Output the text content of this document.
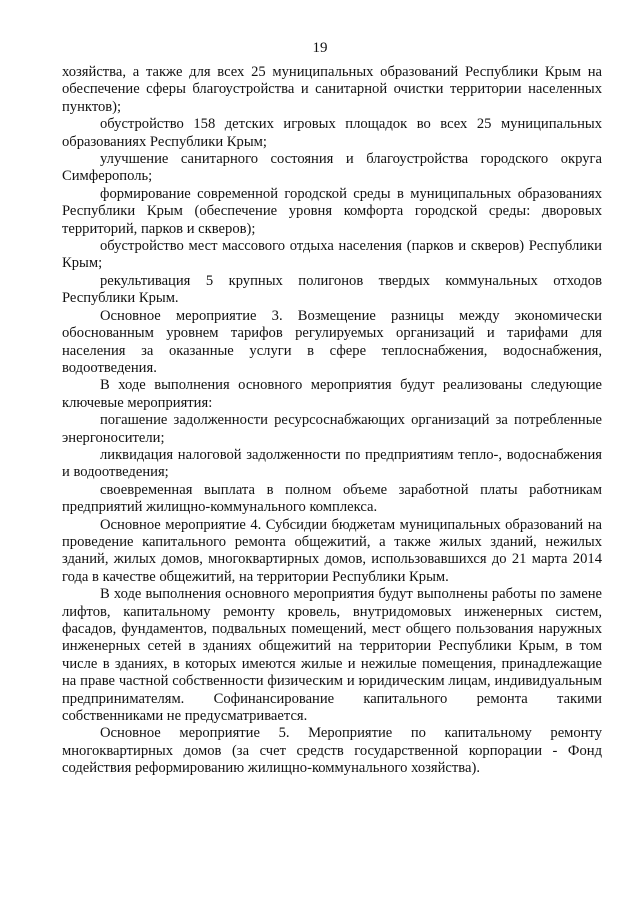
19

хозяйства, а также для всех 25 муниципальных образований Республики Крым на обеспечение сферы благоустройства и санитарной очистки территории населенных пунктов);

обустройство 158 детских игровых площадок во всех 25 муниципальных образованиях Республики Крым;

улучшение санитарного состояния и благоустройства городского округа Симферополь;

формирование современной городской среды в муниципальных образованиях Республики Крым (обеспечение уровня комфорта городской среды: дворовых территорий, парков и скверов);

обустройство мест массового отдыха населения (парков и скверов) Республики Крым;

рекультивация 5 крупных полигонов твердых коммунальных отходов Республики Крым.

Основное мероприятие 3. Возмещение разницы между экономически обоснованным уровнем тарифов регулируемых организаций и тарифами для населения за оказанные услуги в сфере теплоснабжения, водоснабжения, водоотведения.

В ходе выполнения основного мероприятия будут реализованы следующие ключевые мероприятия:

погашение задолженности ресурсоснабжающих организаций за потребленные энергоносители;

ликвидация налоговой задолженности по предприятиям тепло-, водоснабжения и водоотведения;

своевременная выплата в полном объеме заработной платы работникам предприятий жилищно-коммунального комплекса.

Основное мероприятие 4. Субсидии бюджетам муниципальных образований на проведение капитального ремонта общежитий, а также жилых зданий, нежилых зданий, жилых домов, многоквартирных домов, использовавшихся до 21 марта 2014 года в качестве общежитий, на территории Республики Крым.

В ходе выполнения основного мероприятия будут выполнены работы по замене лифтов, капитальному ремонту кровель, внутридомовых инженерных систем, фасадов, фундаментов, подвальных помещений, мест общего пользования наружных инженерных сетей в зданиях общежитий на территории Республики Крым, в том числе в зданиях, в которых имеются жилые и нежилые помещения, принадлежащие на праве частной собственности физическим и юридическим лицам, индивидуальным предпринимателям. Софинансирование капитального ремонта такими собственниками не предусматривается.

Основное мероприятие 5. Мероприятие по капитальному ремонту многоквартирных домов (за счет средств государственной корпорации - Фонд содействия реформированию жилищно-коммунального хозяйства).
